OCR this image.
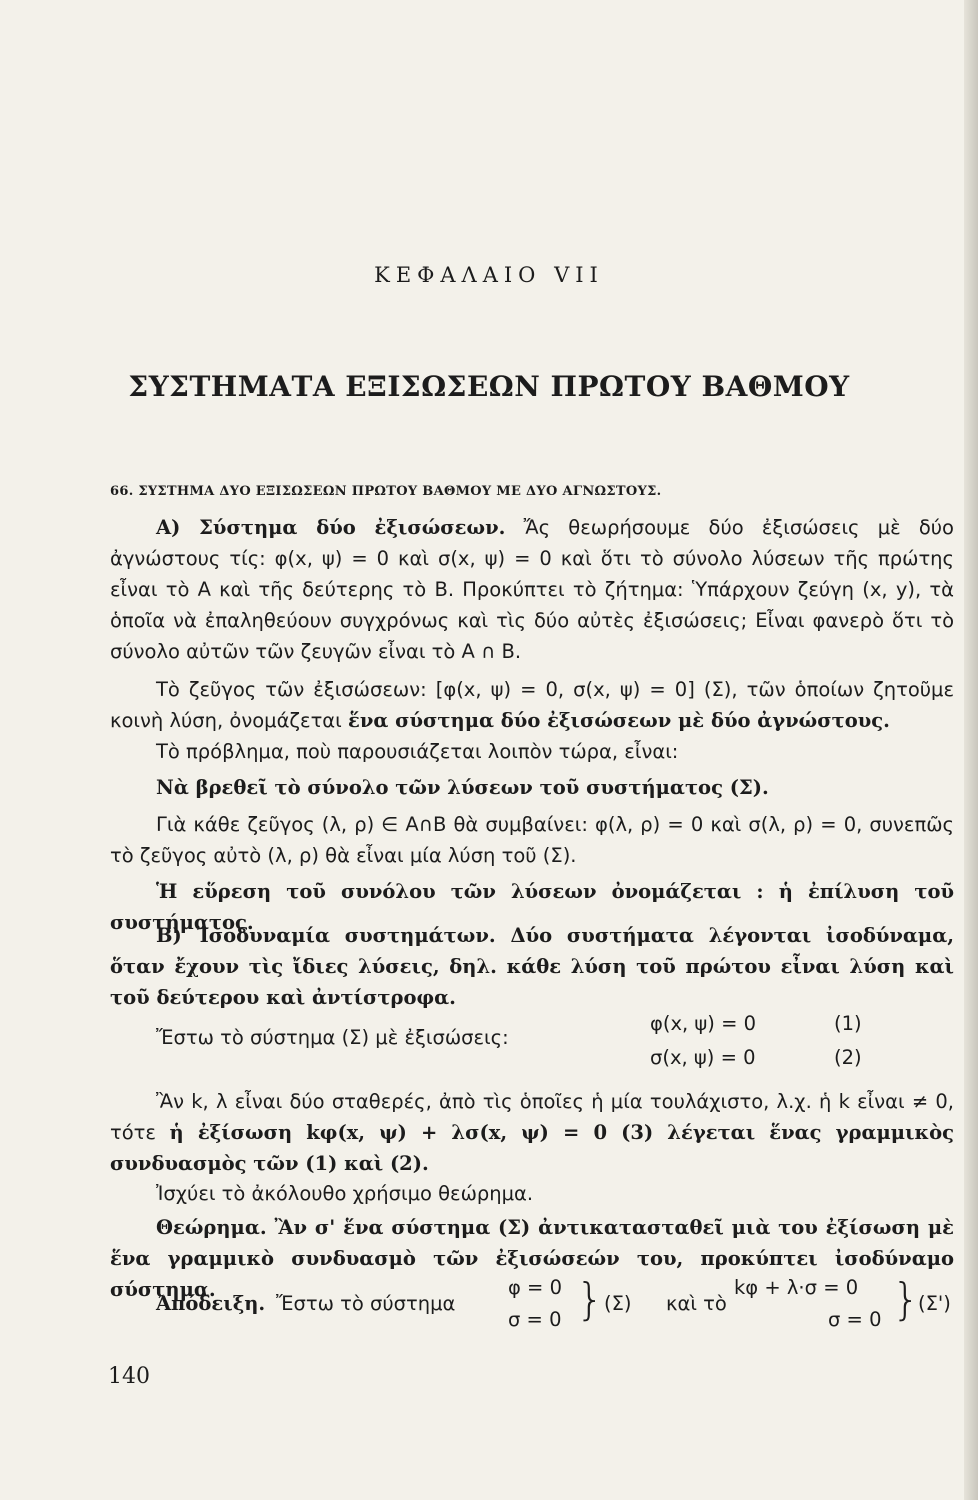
ΚΕΦΑΛΑΙΟ VII
ΣΥΣΤΗΜΑΤΑ ΕΞΙΣΩΣΕΩΝ ΠΡΩΤΟΥ ΒΑΘΜΟΥ
66. ΣΥΣΤΗΜΑ ΔΥΟ ΕΞΙΣΩΣΕΩΝ ΠΡΩΤΟΥ ΒΑΘΜΟΥ ΜΕ ΔΥΟ ΑΓΝΩΣΤΟΥΣ.
Α) Σύστημα δύο ἐξισώσεων. Ἄς θεωρήσουμε δύο ἐξισώσεις μὲ δύο ἀγνώστους τίς: φ(x, ψ) = 0 καὶ σ(x, ψ) = 0 καὶ ὅτι τὸ σύνολο λύσεων τῆς πρώτης εἶναι τὸ Α καὶ τῆς δεύτερης τὸ Β. Προκύπτει τὸ ζήτημα: Ὑπάρχουν ζεύγη (x, y), τὰ ὁποῖα νὰ ἐπαληθεύουν συγχρόνως καὶ τὶς δύο αὐτὲς ἐξισώσεις; Εἶναι φανερὸ ὅτι τὸ σύνολο αὐτῶν τῶν ζευγῶν εἶναι τὸ Α ∩ Β.
Τὸ ζεῦγος τῶν ἐξισώσεων: [φ(x, ψ) = 0, σ(x, ψ) = 0] (Σ), τῶν ὁποίων ζητοῦμε κοινὴ λύση, ὀνομάζεται ἕνα σύστημα δύο ἐξισώσεων μὲ δύο ἀγνώστους.
Τὸ πρόβλημα, ποὺ παρουσιάζεται λοιπὸν τώρα, εἶναι:
Νὰ βρεθεῖ τὸ σύνολο τῶν λύσεων τοῦ συστήματος (Σ).
Γιὰ κάθε ζεῦγος (λ, ρ) ∈ Α∩Β θὰ συμβαίνει: φ(λ, ρ) = 0 καὶ σ(λ, ρ) = 0, συνεπῶς τὸ ζεῦγος αὐτὸ (λ, ρ) θὰ εἶναι μία λύση τοῦ (Σ).
Ἡ εὕρεση τοῦ συνόλου τῶν λύσεων ὀνομάζεται : ἡ ἐπίλυση τοῦ συστήματος.
Β) Ἰσοδυναμία συστημάτων. Δύο συστήματα λέγονται ἰσοδύναμα, ὅταν ἔχουν τὶς ἴδιες λύσεις, δηλ. κάθε λύση τοῦ πρώτου εἶναι λύση καὶ τοῦ δεύτερου καὶ ἀντίστροφα.
Ἔστω τὸ σύστημα (Σ) μὲ ἐξισώσεις:
φ(x, ψ) = 0	(1)
σ(x, ψ) = 0	(2)
Ἂν k, λ εἶναι δύο σταθερές, ἀπὸ τὶς ὁποῖες ἡ μία τουλάχιστο, λ.χ. ἡ k εἶναι ≠ 0, τότε ἡ ἐξίσωση kφ(x, ψ) + λσ(x, ψ) = 0 (3) λέγεται ἕνας γραμμικὸς συνδυασμὸς τῶν (1) καὶ (2).
Ἰσχύει τὸ ἀκόλουθο χρήσιμο θεώρημα.
Θεώρημα. Ἂν σ' ἕνα σύστημα (Σ) ἀντικατασταθεῖ μιὰ του ἐξίσωση μὲ ἕνα γραμμικὸ συνδυασμὸ τῶν ἐξισώσεών του, προκύπτει ἰσοδύναμο σύστημα.
Ἀπόδειξη. Ἔστω τὸ σύστημα
φ = 0
σ = 0 } (Σ) καὶ τὸ
kφ + λ·σ = 0
σ = 0 }
(Σ')
140
